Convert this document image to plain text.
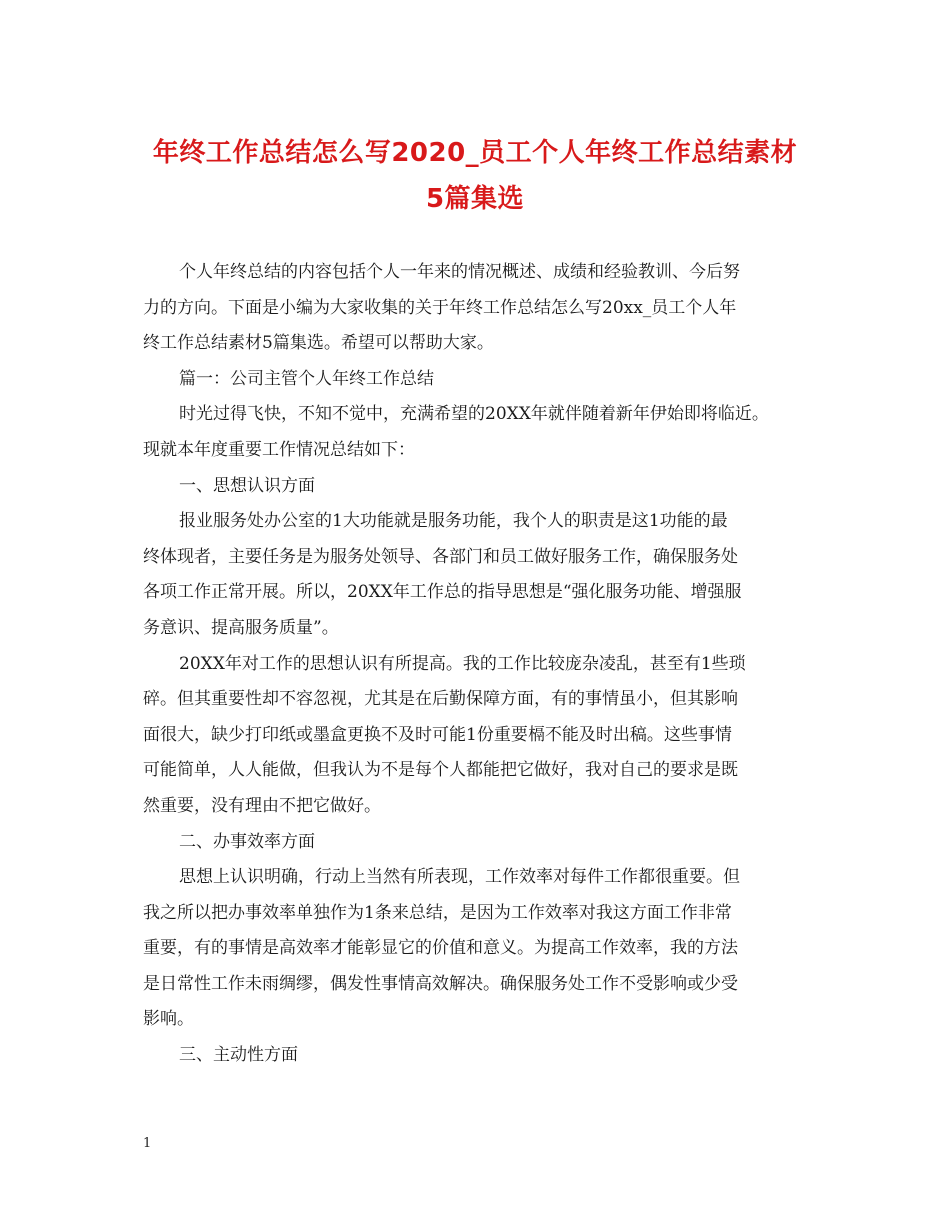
年终工作总结怎么写2020_员工个人年终工作总结素材
5篇集选

个人年终总结的内容包括个人一年来的情况概述、成绩和经验教训、今后努

力的方向。下面是小编为大家收集的关于年终工作总结怎么写20xx_员工个人年

终工作总结素材5篇集选。希望可以帮助大家。

篇一：公司主管个人年终工作总结

时光过得飞快，不知不觉中，充满希望的20XX年就伴随着新年伊始即将临近。

现就本年度重要工作情况总结如下：

一、思想认识方面

报业服务处办公室的1大功能就是服务功能，我个人的职责是这1功能的最

终体现者，主要任务是为服务处领导、各部门和员工做好服务工作，确保服务处

各项工作正常开展。所以，20XX年工作总的指导思想是“强化服务功能、增强服

务意识、提高服务质量”。

20XX年对工作的思想认识有所提高。我的工作比较庞杂凌乱，甚至有1些琐

碎。但其重要性却不容忽视，尤其是在后勤保障方面，有的事情虽小，但其影响

面很大，缺少打印纸或墨盒更换不及时可能1份重要槅不能及时出稿。这些事情

可能简单，人人能做，但我认为不是每个人都能把它做好，我对自己的要求是既

然重要，没有理由不把它做好。

二、办事效率方面

思想上认识明确，行动上当然有所表现，工作效率对每件工作都很重要。但

我之所以把办事效率单独作为1条来总结，是因为工作效率对我这方面工作非常

重要，有的事情是高效率才能彰显它的价值和意义。为提高工作效率，我的方法

是日常性工作未雨绸缪，偶发性事情高效解决。确保服务处工作不受影响或少受

影响。

三、主动性方面

1
